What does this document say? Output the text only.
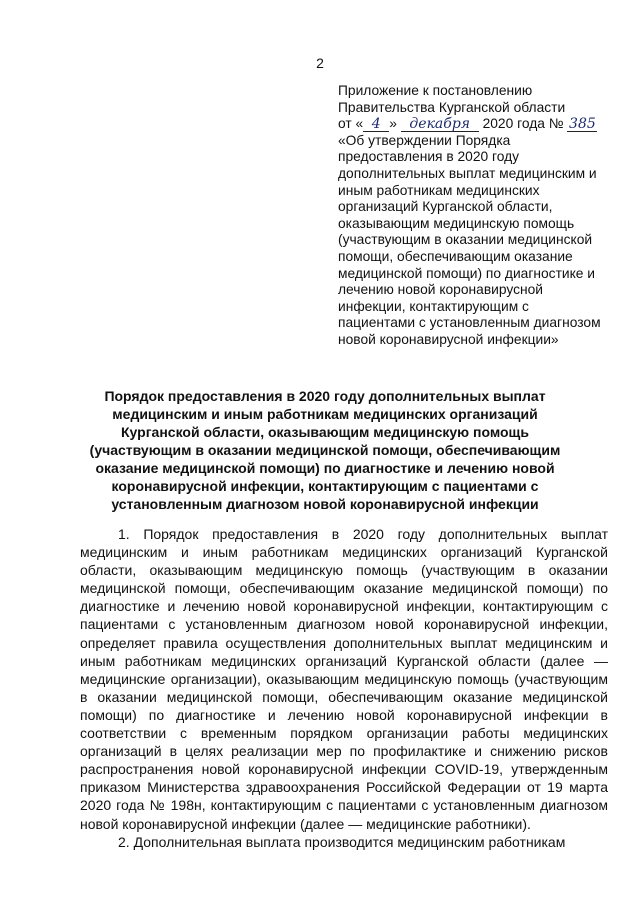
2
Приложение к постановлению
Правительства Курганской области
от « 4 » декабря 2020 года № 385
«Об утверждении Порядка
предоставления в 2020 году
дополнительных выплат медицинским и
иным работникам медицинских
организаций Курганской области,
оказывающим медицинскую помощь
(участвующим в оказании медицинской
помощи, обеспечивающим оказание
медицинской помощи) по диагностике и
лечению новой коронавирусной
инфекции, контактирующим с
пациентами с установленным диагнозом
новой коронавирусной инфекции»
Порядок предоставления в 2020 году дополнительных выплат медицинским и иным работникам медицинских организаций Курганской области, оказывающим медицинскую помощь (участвующим в оказании медицинской помощи, обеспечивающим оказание медицинской помощи) по диагностике и лечению новой коронавирусной инфекции, контактирующим с пациентами с установленным диагнозом новой коронавирусной инфекции

1. Порядок предоставления в 2020 году дополнительных выплат медицинским и иным работникам медицинских организаций Курганской области, оказывающим медицинскую помощь (участвующим в оказании медицинской помощи, обеспечивающим оказание медицинской помощи) по диагностике и лечению новой коронавирусной инфекции, контактирующим с пациентами с установленным диагнозом новой коронавирусной инфекции, определяет правила осуществления дополнительных выплат медицинским и иным работникам медицинских организаций Курганской области (далее — медицинские организации), оказывающим медицинскую помощь (участвующим в оказании медицинской помощи, обеспечивающим оказание медицинской помощи) по диагностике и лечению новой коронавирусной инфекции в соответствии с временным порядком организации работы медицинских организаций в целях реализации мер по профилактике и снижению рисков распространения новой коронавирусной инфекции COVID-19, утвержденным приказом Министерства здравоохранения Российской Федерации от 19 марта 2020 года № 198н, контактирующим с пациентами с установленным диагнозом новой коронавирусной инфекции (далее — медицинские работники).

2. Дополнительная выплата производится медицинским работникам
